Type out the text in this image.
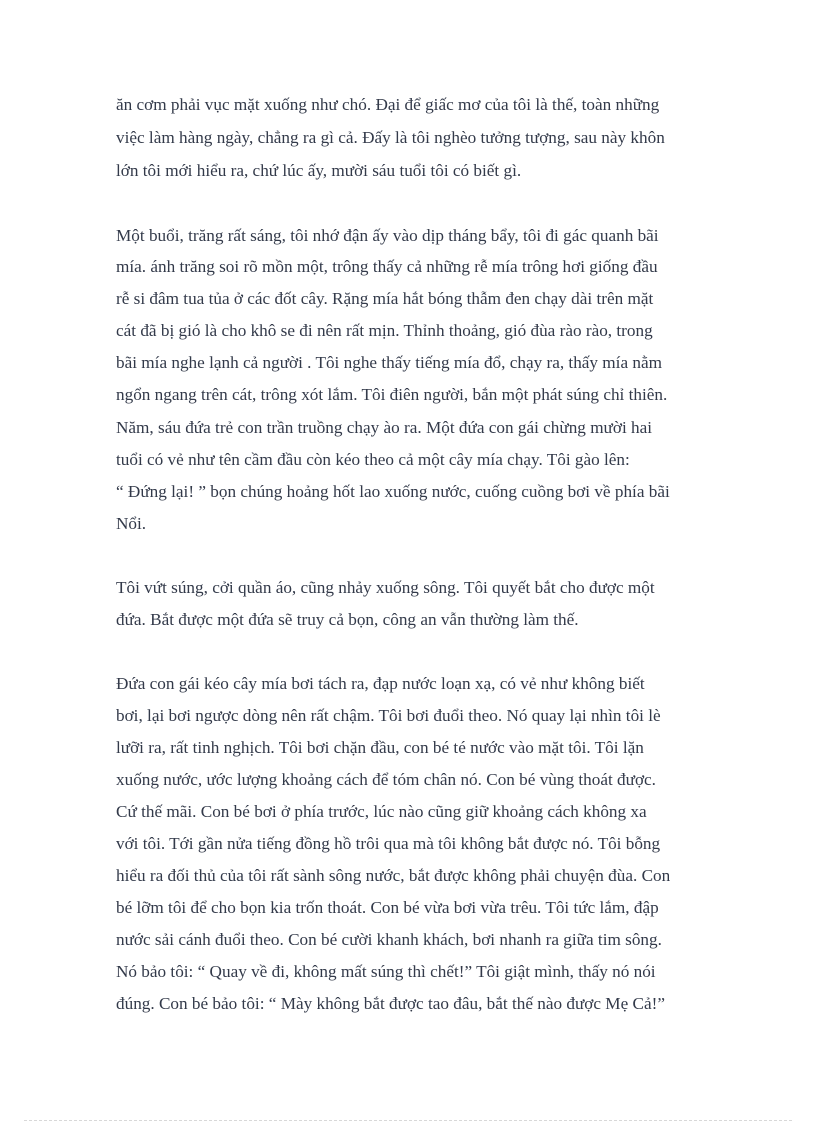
ăn cơm phải vục mặt xuống như chó. Đại để giấc mơ của tôi là thế, toàn những
việc làm hàng ngày, chẳng ra gì cả. Đấy là tôi nghèo tưởng tượng, sau này khôn
lớn tôi mới hiểu ra, chứ lúc ấy, mười sáu tuổi tôi có biết gì.
Một buổi, trăng rất sáng, tôi nhớ đận ấy vào dịp tháng bẩy, tôi đi gác quanh bãi
mía. ánh trăng soi rõ mồn một, trông thấy cả những rễ mía trông hơi giống đầu
rễ si đâm tua tủa ở các đốt cây. Rặng mía hắt bóng thẫm đen chạy dài trên mặt
cát đã bị gió là cho khô se đi nên rất mịn. Thỉnh thoảng, gió đùa rào rào, trong
bãi mía nghe lạnh cả người . Tôi nghe thấy tiếng mía đổ, chạy ra, thấy mía nằm
ngổn ngang trên cát, trông xót lắm. Tôi điên người, bắn một phát súng chỉ thiên.
Năm, sáu đứa trẻ con trần truồng chạy ào ra. Một đứa con gái chừng mười hai
tuổi có vẻ như tên cầm đầu còn kéo theo cả một cây mía chạy. Tôi gào lên:
“ Đứng lại! ” bọn chúng hoảng hốt lao xuống nước, cuống cuồng bơi về phía bãi
Nổi.
Tôi vứt súng, cởi quần áo, cũng nhảy xuống sông. Tôi quyết bắt cho được một
đứa. Bắt được một đứa sẽ truy cả bọn, công an vẫn thường làm thế.
Đứa con gái kéo cây mía bơi tách ra, đạp nước loạn xạ, có vẻ như không biết
bơi, lại bơi ngược dòng nên rất chậm. Tôi bơi đuổi theo. Nó quay lại nhìn tôi lè
lưỡi ra, rất tinh nghịch. Tôi bơi chặn đầu, con bé té nước vào mặt tôi. Tôi lặn
xuống nước, ước lượng khoảng cách để tóm chân nó. Con bé vùng thoát được.
Cứ thế mãi. Con bé bơi ở phía trước, lúc nào cũng giữ khoảng cách không xa
với tôi. Tới gần nửa tiếng đồng hồ trôi qua mà tôi không bắt được nó. Tôi bỗng
hiểu ra đối thủ của tôi rất sành sông nước, bắt được không phải chuyện đùa. Con
bé lỡm tôi để cho bọn kia trốn thoát. Con bé vừa bơi vừa trêu. Tôi tức lắm, đập
nước sải cánh đuổi theo. Con bé cười khanh khách, bơi nhanh ra giữa tim sông.
Nó bảo tôi: “ Quay về đi, không mất súng thì chết!” Tôi giật mình, thấy nó nói
đúng. Con bé bảo tôi: “ Mày không bắt được tao đâu, bắt thế nào được Mẹ Cả!”
